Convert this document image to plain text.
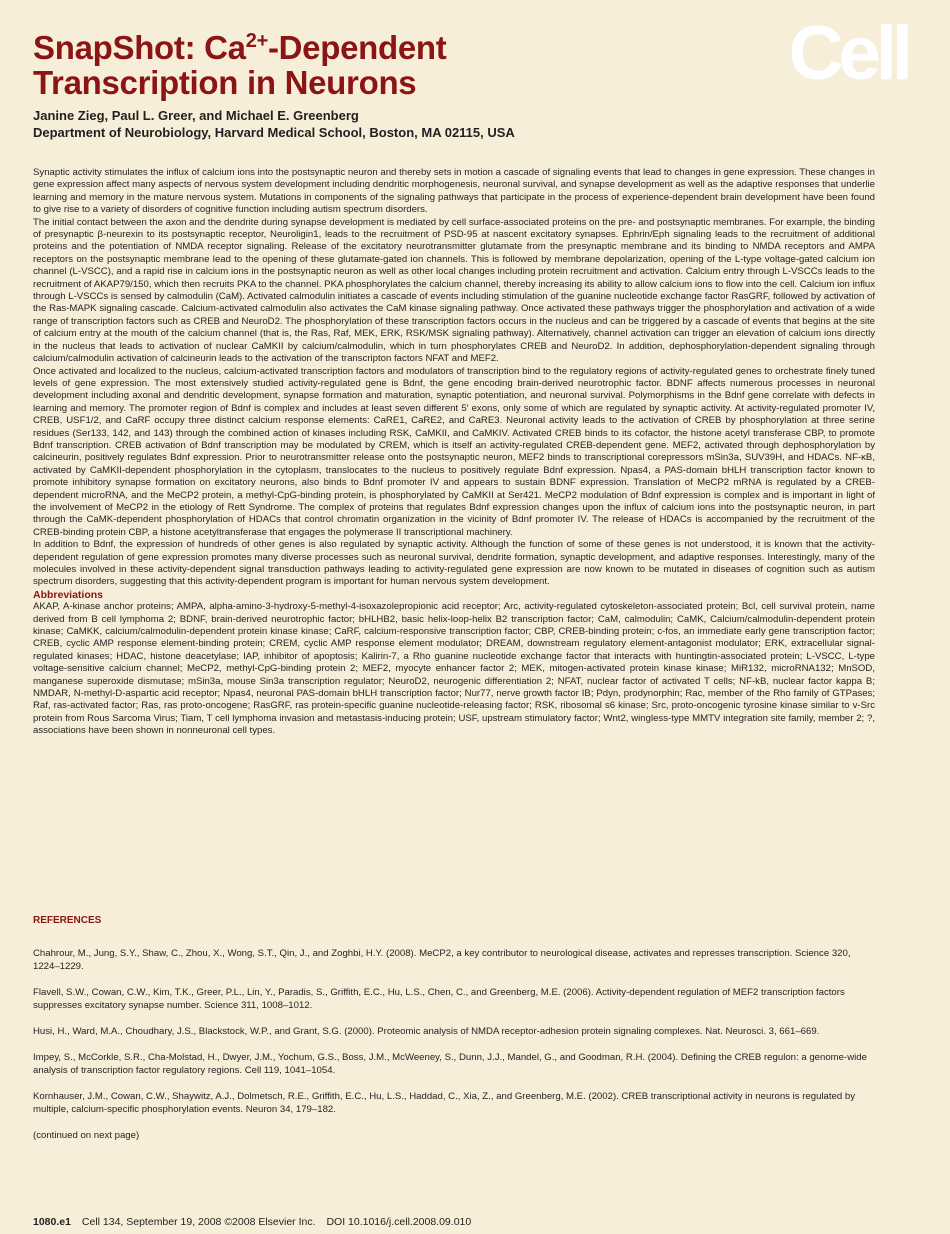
SnapShot: $Ca^{2+}$-Dependent
Transcription in Neurons
Janine Zieg, Paul L. Greer, and Michael E. Greenberg
Department of Neurobiology, Harvard Medical School, Boston, MA 02115, USA
Cell

Synaptic activity stimulates the influx of calcium ions into the postsynaptic neuron and thereby sets in motion a cascade of signaling events that lead to changes in gene expression. These changes in gene expression affect many aspects of nervous system development including dendritic morphogenesis, neuronal survival, and synapse development as well as the adaptive responses that underlie learning and memory in the mature nervous system. Mutations in components of the signaling pathways that participate in the process of experience-dependent brain development have been found to give rise to a variety of disorders of cognitive function including autism spectrum disorders.

The initial contact between the axon and the dendrite during synapse development is mediated by cell surface-associated proteins on the pre- and postsynaptic membranes. For example, the binding of presynaptic β-neurexin to its postsynaptic receptor, Neuroligin1, leads to the recruitment of PSD-95 at nascent excitatory synapses. Ephrin/Eph signaling leads to the recruitment of additional proteins and the potentiation of NMDA receptor signaling. Release of the excitatory neurotransmitter glutamate from the presynaptic membrane and its binding to NMDA receptors and AMPA receptors on the postsynaptic membrane lead to the opening of these glutamate-gated ion channels. This is followed by membrane depolarization, opening of the L-type voltage-gated calcium ion channel (L-VSCC), and a rapid rise in calcium ions in the postsynaptic neuron as well as other local changes including protein recruitment and activation. Calcium entry through L-VSCCs leads to the recruitment of AKAP79/150, which then recruits PKA to the channel. PKA phosphorylates the calcium channel, thereby increasing its ability to allow calcium ions to flow into the cell. Calcium ion influx through L-VSCCs is sensed by calmodulin (CaM). Activated calmodulin initiates a cascade of events including stimulation of the guanine nucleotide exchange factor RasGRF, followed by activation of the Ras-MAPK signaling cascade. Calcium-activated calmodulin also activates the CaM kinase signaling pathway. Once activated these pathways trigger the phosphorylation and activation of a wide range of transcription factors such as CREB and NeuroD2. The phosphorylation of these transcription factors occurs in the nucleus and can be triggered by a cascade of events that begins at the site of calcium entry at the mouth of the calcium channel (that is, the Ras, Raf, MEK, ERK, RSK/MSK signaling pathway). Alternatively, channel activation can trigger an elevation of calcium ions directly in the nucleus that leads to activation of nuclear CaMKII by calcium/calmodulin, which in turn phosphorylates CREB and NeuroD2. In addition, dephosphorylation-dependent signaling through calcium/calmodulin activation of calcineurin leads to the activation of the transcripton factors NFAT and MEF2.

Once activated and localized to the nucleus, calcium-activated transcription factors and modulators of transcription bind to the regulatory regions of activity-regulated genes to orchestrate finely tuned levels of gene expression. The most extensively studied activity-regulated gene is Bdnf, the gene encoding brain-derived neurotrophic factor. BDNF affects numerous processes in neuronal development including axonal and dendritic development, synapse formation and maturation, synaptic potentiation, and neuronal survival. Polymorphisms in the Bdnf gene correlate with defects in learning and memory. The promoter region of Bdnf is complex and includes at least seven different 5′ exons, only some of which are regulated by synaptic activity. At activity-regulated promoter IV, CREB, USF1/2, and CaRF occupy three distinct calcium response elements: CaRE1, CaRE2, and CaRE3. Neuronal activity leads to the activation of CREB by phosphorylation at three serine residues (Ser133, 142, and 143) through the combined action of kinases including RSK, CaMKII, and CaMKIV. Activated CREB binds to its cofactor, the histone acetyl transferase CBP, to promote Bdnf transcription. CREB activation of Bdnf transcription may be modulated by CREM, which is itself an activity-regulated CREB-dependent gene. MEF2, activated through dephosphorylation by calcineurin, positively regulates Bdnf expression. Prior to neurotransmitter release onto the postsynaptic neuron, MEF2 binds to transcriptional corepressors mSin3a, SUV39H, and HDACs. NF-κB, activated by CaMKII-dependent phosphorylation in the cytoplasm, translocates to the nucleus to positively regulate Bdnf expression. Npas4, a PAS-domain bHLH transcription factor known to promote inhibitory synapse formation on excitatory neurons, also binds to Bdnf promoter IV and appears to sustain BDNF expression. Translation of MeCP2 mRNA is regulated by a CREB-dependent microRNA, and the MeCP2 protein, a methyl-CpG-binding protein, is phosphorylated by CaMKII at Ser421. MeCP2 modulation of Bdnf expression is complex and is important in light of the involvement of MeCP2 in the etiology of Rett Syndrome. The complex of proteins that regulates Bdnf expression changes upon the influx of calcium ions into the postsynaptic neuron, in part through the CaMK-dependent phosphorylation of HDACs that control chromatin organization in the vicinity of Bdnf promoter IV. The release of HDACs is accompanied by the recruitment of the CREB-binding protein CBP, a histone acetyltransferase that engages the polymerase II transcriptional machinery.

In addition to Bdnf, the expression of hundreds of other genes is also regulated by synaptic activity. Although the function of some of these genes is not understood, it is known that the activity-dependent regulation of gene expression promotes many diverse processes such as neuronal survival, dendrite formation, synaptic development, and adaptive responses. Interestingly, many of the molecules involved in these activity-dependent signal transduction pathways leading to activity-regulated gene expression are now known to be mutated in diseases of cognition such as autism spectrum disorders, suggesting that this activity-dependent program is important for human nervous system development.

Abbreviations

AKAP, A-kinase anchor proteins; AMPA, alpha-amino-3-hydroxy-5-methyl-4-isoxazolepropionic acid receptor; Arc, activity-regulated cytoskeleton-associated protein; Bcl, cell survival protein, name derived from B cell lymphoma 2; BDNF, brain-derived neurotrophic factor; bHLHB2, basic helix-loop-helix B2 transcription factor; CaM, calmodulin; CaMK, Calcium/calmodulin-dependent protein kinase; CaMKK, calcium/calmodulin-dependent protein kinase kinase; CaRF, calcium-responsive transcription factor; CBP, CREB-binding protein; c-fos, an immediate early gene transcription factor; CREB, cyclic AMP response element-binding protein; CREM, cyclic AMP response element modulator; DREAM, downstream regulatory element-antagonist modulator; ERK, extracellular signal-regulated kinases; HDAC, histone deacetylase; IAP, inhibitor of apoptosis; Kalirin-7, a Rho guanine nucleotide exchange factor that interacts with huntingtin-associated protein; L-VSCC, L-type voltage-sensitive calcium channel; MeCP2, methyl-CpG-binding protein 2; MEF2, myocyte enhancer factor 2; MEK, mitogen-activated protein kinase kinase; MiR132, microRNA132; MnSOD, manganese superoxide dismutase; mSin3a, mouse Sin3a transcription regulator; NeuroD2, neurogenic differentiation 2; NFAT, nuclear factor of activated T cells; NF-kB, nuclear factor kappa B; NMDAR, N-methyl-D-aspartic acid receptor; Npas4, neuronal PAS-domain bHLH transcription factor; Nur77, nerve growth factor IB; Pdyn, prodynorphin; Rac, member of the Rho family of GTPases; Raf, ras-activated factor; Ras, ras proto-oncogene; RasGRF, ras protein-specific guanine nucleotide-releasing factor; RSK, ribosomal s6 kinase; Src, proto-oncogenic tyrosine kinase similar to v-Src protein from Rous Sarcoma Virus; Tiam, T cell lymphoma invasion and metastasis-inducing protein; USF, upstream stimulatory factor; Wnt2, wingless-type MMTV integration site family, member 2; ?, associations have been shown in nonneuronal cell types.

REFERENCES

Chahrour, M., Jung, S.Y., Shaw, C., Zhou, X., Wong, S.T., Qin, J., and Zoghbi, H.Y. (2008). MeCP2, a key contributor to neurological disease, activates and represses transcription. Science 320, 1224–1229.

Flavell, S.W., Cowan, C.W., Kim, T.K., Greer, P.L., Lin, Y., Paradis, S., Griffith, E.C., Hu, L.S., Chen, C., and Greenberg, M.E. (2006). Activity-dependent regulation of MEF2 transcription factors suppresses excitatory synapse number. Science 311, 1008–1012.

Husi, H., Ward, M.A., Choudhary, J.S., Blackstock, W.P., and Grant, S.G. (2000). Proteomic analysis of NMDA receptor-adhesion protein signaling complexes. Nat. Neurosci. 3, 661–669.

Impey, S., McCorkle, S.R., Cha-Molstad, H., Dwyer, J.M., Yochum, G.S., Boss, J.M., McWeeney, S., Dunn, J.J., Mandel, G., and Goodman, R.H. (2004). Defining the CREB regulon: a genome-wide analysis of transcription factor regulatory regions. Cell 119, 1041–1054.

Kornhauser, J.M., Cowan, C.W., Shaywitz, A.J., Dolmetsch, R.E., Griffith, E.C., Hu, L.S., Haddad, C., Xia, Z., and Greenberg, M.E. (2002). CREB transcriptional activity in neurons is regulated by multiple, calcium-specific phosphorylation events. Neuron 34, 179–182.

(continued on next page)

1080.e1 Cell 134, September 19, 2008 ©2008 Elsevier Inc. DOI 10.1016/j.cell.2008.09.010
